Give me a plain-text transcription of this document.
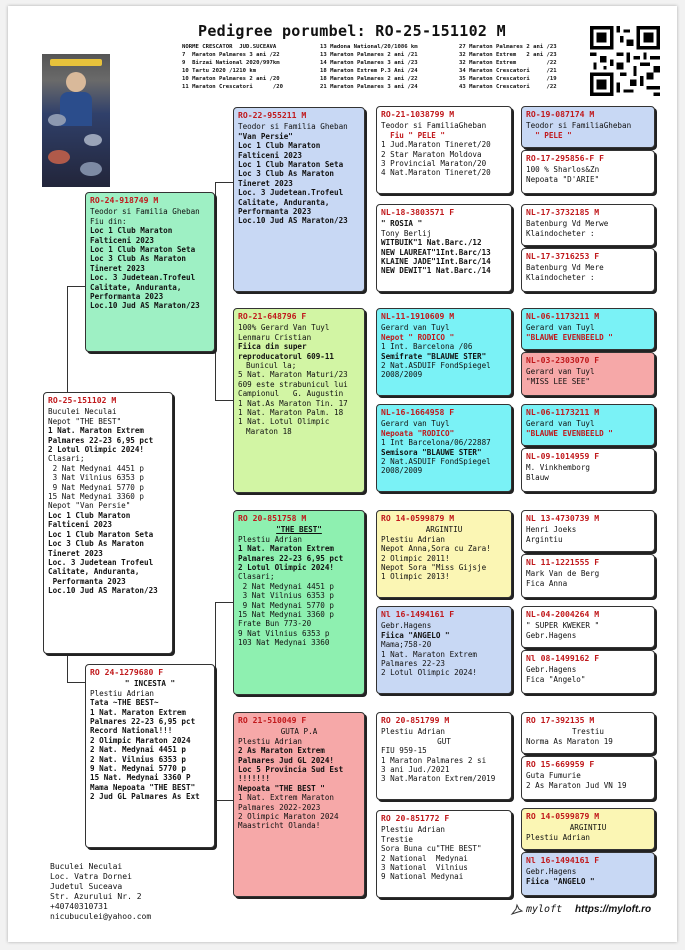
Pedigree porumbel: RO-25-151102 M
NORME CRESCATOR  JUD.SUCEAVA
7  Maraton Palmares 3 ani /22
9  Birzai National 2020/997km
10 Tartu 2020 /1210 km
10 Maraton Palmares 2 ani /20
11 Maraton Crescatori      /20
13 Madona National/20/1086 km
13 Maraton Palmares 2 ani /21
14 Maraton Palmares 3 ani /23
18 Maraton Extrem P.3 Ani /24
18 Maraton Palmares 2 ani /22
21 Maraton Palmares 3 ani /24
27 Maraton Palmares 2 ani /23
32 Maraton Extrem   2 ani /23
32 Maraton Extrem         /22
34 Maraton Crescatori     /21
35 Maraton Crescatori     /19
43 Maraton Crescatori     /22
RO-25-151102 M
Buculei Neculai
Nepot "THE BEST"
1 Nat. Maraton Extrem
Palmares 22-23 6,95 pct
2 Lotul Olimpic 2024!
Clasari;
2 Nat Medynai 4451 p
3 Nat Vilnius 6353 p
9 Nat Medynai 5770 p
15 Nat Medynai 3360 p
Nepot "Van Persie"
Loc 1 Club Maraton
Falticeni 2023
Loc 1 Club Maraton Seta
Loc 3 Club As Maraton
Tineret 2023
Loc. 3 Judetean Trofeul
Calitate, Anduranta,
Performanta 2023
Loc.10 Jud AS Maraton/23
RO-24-918749 M
Teodor si Familia Gheban
Fiu din:
Loc 1 Club Maraton
Falticeni 2023
Loc 1 Club Maraton Seta
Loc 3 Club As Maraton
Tineret 2023
Loc. 3 Judetean.Trofeul
Calitate, Anduranta,
Performanta 2023
Loc.10 Jud AS Maraton/23
RO 24-1279680 F
" INCESTA "
Plestiu Adrian
Tata ~THE BEST~
1 Nat. Maraton Extrem
Palmares 22-23 6,95 pct
Record National!!!
2 Olimpic Maraton 2024
2 Nat. Medynai 4451 p
2 Nat. Vilnius 6353 p
9 Nat. Medynai 5770 p
15 Nat. Medynai 3360 P
Mama Nepoata "THE BEST"
2 Jud GL Palmares As Ext
RO-22-955211 M
Teodor si Familia Gheban
"Van Persie"
Loc 1 Club Maraton
Falticeni 2023
Loc 1 Club Maraton Seta
Loc 3 Club As Maraton
Tineret 2023
Loc. 3 Judetean.Trofeul
Calitate, Anduranta,
Performanta 2023
Loc.10 Jud AS Maraton/23
RO-21-648796 F
100% Gerard Van Tuyl
Lenmaru Cristian
Fiica din super
reproducatorul 609-11
Bunicul la;
5 Nat. Maraton Maturi/23
609 este strabunicul lui
Campionul   G. Augustin
1 Nat.As Maraton Tin. 17
1 Nat. Maraton Palm. 18
1 Nat. Lotul Olimpic
Maraton 18
RO 20-851758 M
"THE BEST"
Plestiu Adrian
1 Nat. Maraton Extrem
Palmares 22-23 6,95 pct
2 Lotul Olimpic 2024!
Clasari;
2 Nat Medynai 4451 p
3 Nat Vilnius 6353 p
9 Nat Medynai 5770 p
15 Nat Medynai 3360 p
Frate Bun 773-20
9 Nat Vilnius 6353 p
103 Nat Medynai 3360
RO 21-510049 F
GUTA P.A
Plestiu Adrian
2 As Maraton Extrem
Palmares Jud GL 2024!
Loc 5 Provincia Sud Est
!!!!!!!
Nepoata "THE BEST "
1 Nat. Extrem Maraton
Palmares 2022-2023
2 Olimpic Maraton 2024
Maastricht Olanda!
RO-21-1038799 M
Teodor si FamiliaGheban
Fiu " PELE "
1 Jud.Maraton Tineret/20
2 Star Maraton Moldova
3 Provincial Maraton/20
4 Nat.Maraton Tineret/20
NL-18-3803571 F
" ROSIA "
Tony Berlij
WITBUIK"1 Nat.Barc./12
NEW LAUREAT"1Int.Barc/13
KLAINE JADE"1Int.Barc/14
NEW DEWIT"1 Nat.Barc./14
NL-11-1910609 M
Gerard van Tuyl
Nepot " RODICO "
1 Int. Barcelona /06
Semifrate "BLAUWE STER"
2 Nat.ASDUIF FondSpiegel
2008/2009
NL-16-1664958 F
Gerard van Tuyl
Nepoata "RODICO"
1 Int Barcelona/06/22887
Semisora "BLAUWE STER"
2 Nat.ASDUIF FondSpiegel
2008/2009
RO 14-0599879 M
ARGINTIU
Plestiu Adrian
Nepot Anna,Sora cu Zara!
2 Olimpic 2011!
Nepot Sora "Miss Gijsje
1 Olimpic 2013!
Nl 16-1494161 F
Gebr.Hagens
Fiica "ANGELO "
Mama;758-20
1 Nat. Maraton Extrem
Palmares 22-23
2 Lotul Olimpic 2024!
RO 20-851799 M
Plestiu Adrian
GUT
FIU 959-15
1 Maraton Palmares 2 si
3 ani Jud./2021
3 Nat.Maraton Extrem/2019
RO 20-851772 F
Plestiu Adrian
Trestie
Sora Buna cu"THE BEST"
2 National  Medynai
3 National  Vilnius
9 National Medynai
RO-19-087174 M
Teodor si FamiliaGheban
" PELE "
RO-17-295856-F F
100 % Sharlos&Zn
Nepoata "D'ARIE"
NL-17-3732185 M
Batenburg Vd Merwe
Klaindocheter :
NL-17-3716253 F
Batenburg Vd Mere
Klaindocheter :
NL-06-1173211 M
Gerard van Tuyl
"BLAUWE EVENBEELD "
NL-03-2303070 F
Gerard van Tuyl
"MISS LEE SEE"
NL-06-1173211 M
Gerard van Tuyl
"BLAUWE EVENBEELD "
NL-09-1014959 F
M. Vinkhemborg
Blauw
NL 13-4730739 M
Henri Joeks
Argintiu
NL 11-1221555 F
Mark Van de Berg
Fica Anna
NL-04-2004264 M
" SUPER KWEKER "
Gebr.Hagens
Nl 08-1499162 F
Gebr.Hagens
Fica "Angelo"
RO 17-392135 M
Trestiu
Norma As Maraton 19
RO 15-669959 F
Guta Fumurie
2 As Maraton Jud VN 19
RO 14-0599879 M
ARGINTIU
Plestiu Adrian
Nl 16-1494161 F
Gebr.Hagens
Fiica "ANGELO "
Buculei Neculai
Loc. Vatra Dornei
Judetul Suceava
Str. Azurului Nr. 2
+40740310731
nicubuculei@yahoo.com
myloft https://myloft.ro
